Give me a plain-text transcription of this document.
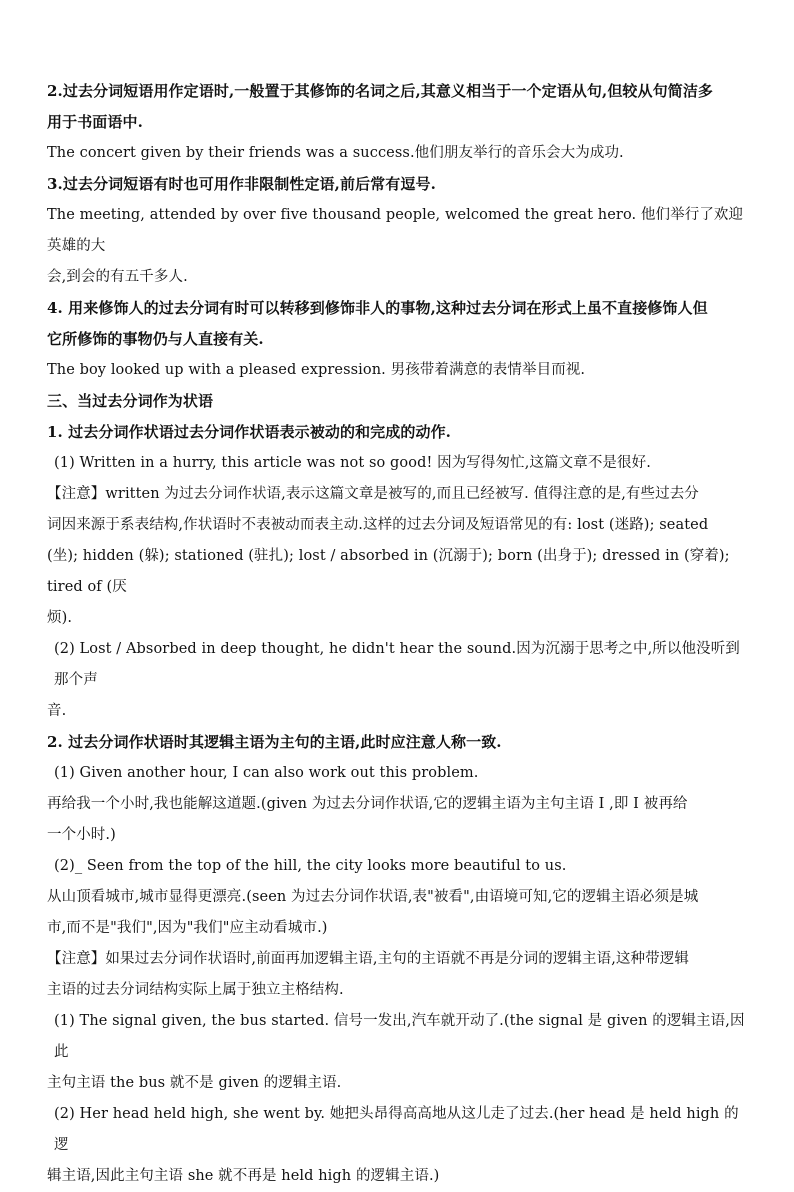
2.过去分词短语用作定语时,一般置于其修饰的名词之后,其意义相当于一个定语从句,但较从句简洁多

用于书面语中.

The concert given by their friends was a success.他们朋友举行的音乐会大为成功.

3.过去分词短语有时也可用作非限制性定语,前后常有逗号.

The meeting, attended by over five thousand people, welcomed the great hero. 他们举行了欢迎英雄的大

会,到会的有五千多人.

4. 用来修饰人的过去分词有时可以转移到修饰非人的事物,这种过去分词在形式上虽不直接修饰人但

它所修饰的事物仍与人直接有关.

The boy looked up with a pleased expression. 男孩带着满意的表情举目而视.

三、当过去分词作为状语

1. 过去分词作状语过去分词作状语表示被动的和完成的动作.

(1) Written in a hurry, this article was not so good! 因为写得匆忙,这篇文章不是很好.

【注意】written 为过去分词作状语,表示这篇文章是被写的,而且已经被写. 值得注意的是,有些过去分

词因来源于系表结构,作状语时不表被动而表主动.这样的过去分词及短语常见的有: lost (迷路); seated

(坐); hidden (躲); stationed (驻扎); lost / absorbed in (沉溺于); born (出身于); dressed in (穿着); tired of (厌

烦).

(2) Lost / Absorbed in deep thought, he didn't hear the sound.因为沉溺于思考之中,所以他没听到那个声

音.

2. 过去分词作状语时其逻辑主语为主句的主语,此时应注意人称一致.

(1) Given another hour, I can also work out this problem.

再给我一个小时,我也能解这道题.(given 为过去分词作状语,它的逻辑主语为主句主语 I ,即 I 被再给

一个小时.)

(2)_ Seen from the top of the hill, the city looks more beautiful to us.

从山顶看城市,城市显得更漂亮.(seen 为过去分词作状语,表"被看",由语境可知,它的逻辑主语必须是城

市,而不是"我们",因为"我们"应主动看城市.)

【注意】如果过去分词作状语时,前面再加逻辑主语,主句的主语就不再是分词的逻辑主语,这种带逻辑

主语的过去分词结构实际上属于独立主格结构.

(1) The signal given, the bus started. 信号一发出,汽车就开动了.(the signal 是 given 的逻辑主语,因此

主句主语 the bus 就不是 given 的逻辑主语.

(2) Her head held high, she went by. 她把头昂得高高地从这儿走了过去.(her head 是 held high 的逻

辑主语,因此主句主语 she 就不再是 held high 的逻辑主语.)
